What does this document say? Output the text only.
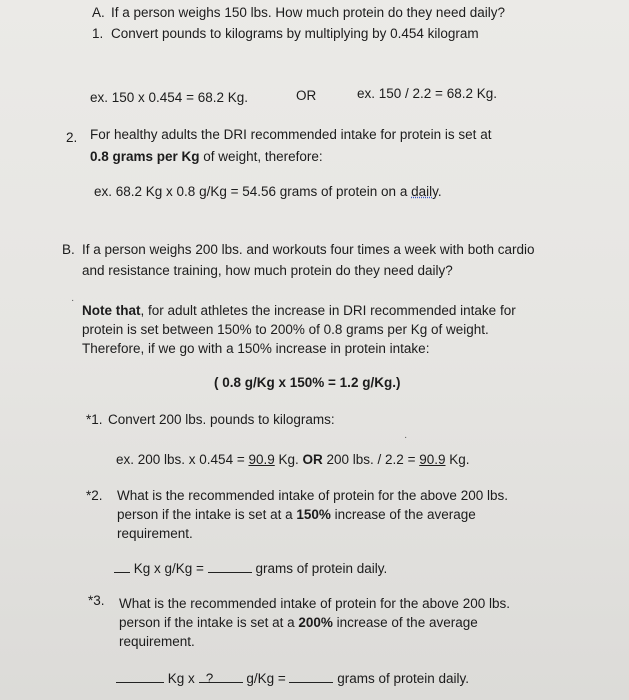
A. If a person weighs 150 lbs. How much protein do they need daily?
1. Convert pounds to kilograms by multiplying by 0.454 kilogram
ex. 150 x 0.454 = 68.2 Kg.	OR	ex. 150 / 2.2 = 68.2 Kg.
2. For healthy adults the DRI recommended intake for protein is set at
0.8 grams per Kg of weight, therefore:
ex. 68.2 Kg x 0.8 g/Kg = 54.56 grams of protein on a daily.
B. If a person weighs 200 lbs. and workouts four times a week with both cardio
and resistance training, how much protein do they need daily?
Note that, for adult athletes the increase in DRI recommended intake for
protein is set between 150% to 200% of 0.8 grams per Kg of weight.
Therefore, if we go with a 150% increase in protein intake:
( 0.8 g/Kg x 150% = 1.2 g/Kg.)
*1. Convert 200 lbs. pounds to kilograms:
ex. 200 lbs. x 0.454 = 90.9 Kg. OR 200 lbs. / 2.2 = 90.9 Kg.
*2. What is the recommended intake of protein for the above 200 lbs.
person if the intake is set at a 150% increase of the average
requirement.
Kg x g/Kg =	grams of protein daily.
*3. What is the recommended intake of protein for the above 200 lbs.
person if the intake is set at a 200% increase of the average
requirement.
Kg x ? g/Kg =	grams of protein daily.
·
·
